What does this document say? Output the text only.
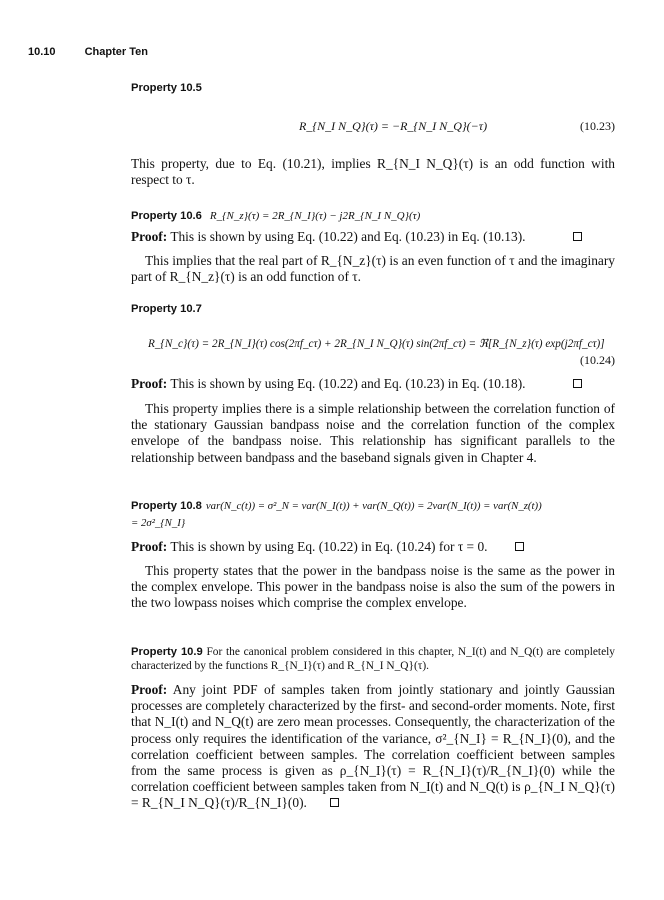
10.10	Chapter Ten
Property 10.5
R_{N_I N_Q}(τ) = −R_{N_I N_Q}(−τ)	(10.23)
This property, due to Eq. (10.21), implies R_{N_I N_Q}(τ) is an odd function with respect to τ.
Property 10.6 R_{N_z}(τ) = 2R_{N_I}(τ) − j2R_{N_I N_Q}(τ)
Proof: This is shown by using Eq. (10.22) and Eq. (10.23) in Eq. (10.13).
This implies that the real part of R_{N_z}(τ) is an even function of τ and the imaginary part of R_{N_z}(τ) is an odd function of τ.
Property 10.7
R_{N_c}(τ) = 2R_{N_I}(τ) cos(2πf_cτ) + 2R_{N_I N_Q}(τ) sin(2πf_cτ) = ℜ[R_{N_z}(τ) exp(j2πf_cτ)]
(10.24)
Proof: This is shown by using Eq. (10.22) and Eq. (10.23) in Eq. (10.18).
This property implies there is a simple relationship between the correlation function of the stationary Gaussian bandpass noise and the correlation function of the complex envelope of the bandpass noise. This relationship has significant parallels to the relationship between bandpass and the baseband signals given in Chapter 4.
Property 10.8 var(N_c(t)) = σ²_N = var(N_I(t)) + var(N_Q(t)) = 2var(N_I(t)) = var(N_z(t))
= 2σ²_{N_I}
Proof: This is shown by using Eq. (10.22) in Eq. (10.24) for τ = 0.
This property states that the power in the bandpass noise is the same as the power in the complex envelope. This power in the bandpass noise is also the sum of the powers in the two lowpass noises which comprise the complex envelope.
Property 10.9 For the canonical problem considered in this chapter, N_I(t) and N_Q(t) are completely characterized by the functions R_{N_I}(τ) and R_{N_I N_Q}(τ).
Proof: Any joint PDF of samples taken from jointly stationary and jointly Gaussian processes are completely characterized by the first- and second-order moments. Note, first that N_I(t) and N_Q(t) are zero mean processes. Consequently, the characterization of the process only requires the identification of the variance, σ²_{N_I} = R_{N_I}(0), and the correlation coefficient between samples. The correlation coefficient between samples from the same process is given as ρ_{N_I}(τ) = R_{N_I}(τ)/R_{N_I}(0) while the correlation coefficient between samples taken from N_I(t) and N_Q(t) is ρ_{N_I N_Q}(τ) = R_{N_I N_Q}(τ)/R_{N_I}(0).
